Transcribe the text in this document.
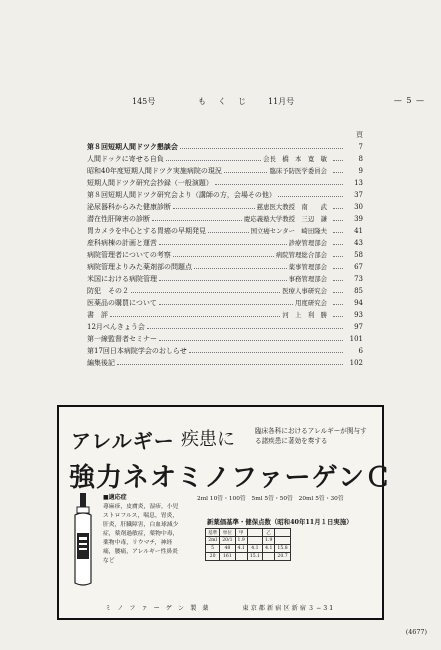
— 5 —
145号	も　く　じ	11月号
頁
第８回短期人間ドツク懇談会	7
人間ドックに寄せる自負	会長　橋　本　寛　敏	8
昭和40年度短期人間ドツク実施病院の現況	臨床予防医学委員会	9
短期人間ドツク研究会抄録（一般演題）	13
第８回短期人間ドツク研究会より（講師の方，会場その他）	37
泌尿器科からみた健康診断	慈恵医大教授　南　　武	30
潜在性肝障害の診断	慶応義塾大学教授　三辺　謙	39
胃カメラを中心とする胃癌の早期発見	国立癌センター　崎田隆夫	41
産科病棟の計画と運営	診療管理部会	43
病院管理者についての考察	病院管理総合部会	58
病院管理よりみた薬剤部の問題点	薬事管理部会	67
米国における病院管理	事務管理部会	73
防犯　その２	医療人事研究会	85
医薬品の購買について	用度研究会	94
書　評	河　上　利　勝	93
12月べんきょう会	97
第一線監督者セミナー	101
第17回日本病院学会のおしらせ	6
編集後記	102
アレルギー 疾患に	臨床各科におけるアレルギーが関与する諸疾患に著効を奏する
強力ネオミノファーゲンＣ
■適応症
蕁麻疹，皮膚炎，湿疹，小児ストロフルス，喘息，胃炎，肝炎，肝臓障害，白血球減少症，薬剤過敏症，薬物中毒，薬物中毒，リウマチ，神経痛，腰痛，アレルギー性鼻炎など
2ml 10管・100管　5ml 5管・50管　20ml 5管・30管
新薬価基準・健保点数（昭和40年11月１日実施）
基準	単位	甲		乙	
2ml	20/1	1.9		1.9	
5	48	4.1	4.1	4.1	15.8
20	161		15.1		20.7
ミ ノ フ ァ ー ゲ ン 製 薬	東京都新宿区新宿３−31
(4677)
